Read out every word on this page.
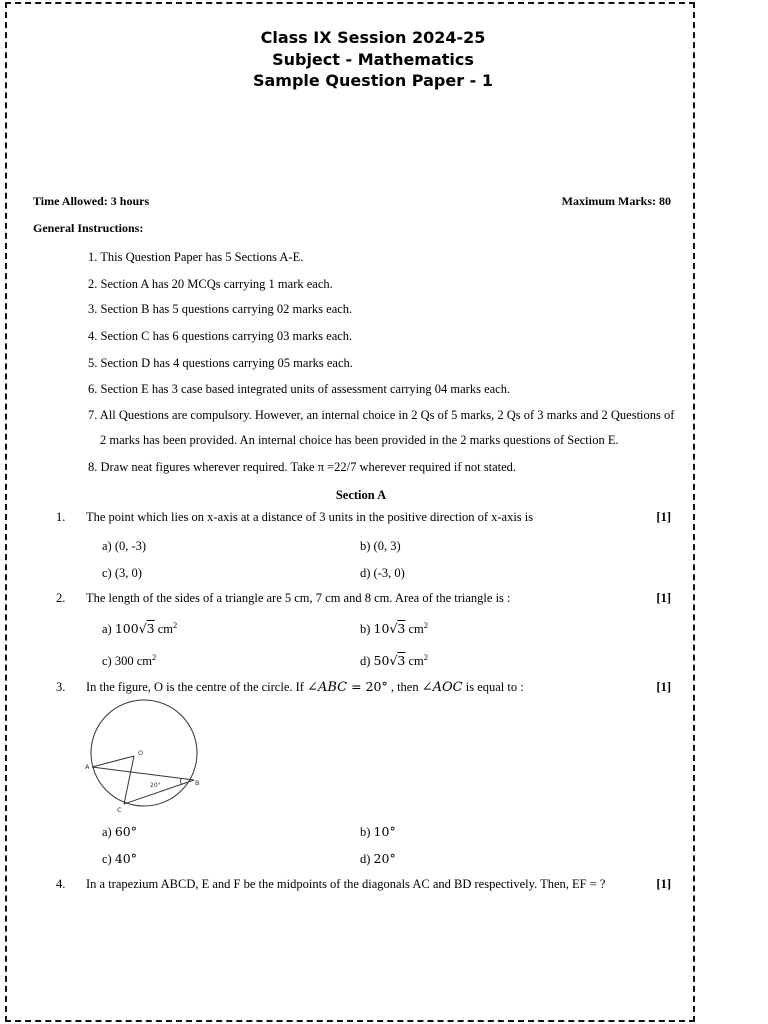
Class IX Session 2024-25
Subject - Mathematics
Sample Question Paper - 1
Time Allowed: 3 hours	Maximum Marks: 80
General Instructions:
1. This Question Paper has 5 Sections A-E.
2. Section A has 20 MCQs carrying 1 mark each.
3. Section B has 5 questions carrying 02 marks each.
4. Section C has 6 questions carrying 03 marks each.
5. Section D has 4 questions carrying 05 marks each.
6. Section E has 3 case based integrated units of assessment carrying 04 marks each.
7. All Questions are compulsory. However, an internal choice in 2 Qs of 5 marks, 2 Qs of 3 marks and 2 Questions of
2 marks has been provided. An internal choice has been provided in the 2 marks questions of Section E.
8. Draw neat figures wherever required. Take π =22/7 wherever required if not stated.
Section A
1. The point which lies on x-axis at a distance of 3 units in the positive direction of x-axis is	[1]
a) (0, -3)	b) (0, 3)
c) (3, 0)	d) (-3, 0)
2. The length of the sides of a triangle are 5 cm, 7 cm and 8 cm. Area of the triangle is :	[1]
a) 100√3 $cm^2$	b) 10√3 $cm^2$
c) 300 $cm^2$	d) 50√3 $cm^2$
3. In the figure, O is the centre of the circle. If ∠ABC = 20° , then ∠AOC is equal to :	[1]
O
A
B
C
20°
a) 60°	b) 10°
c) 40°	d) 20°
4. In a trapezium ABCD, E and F be the midpoints of the diagonals AC and BD respectively. Then, EF = ?	[1]
